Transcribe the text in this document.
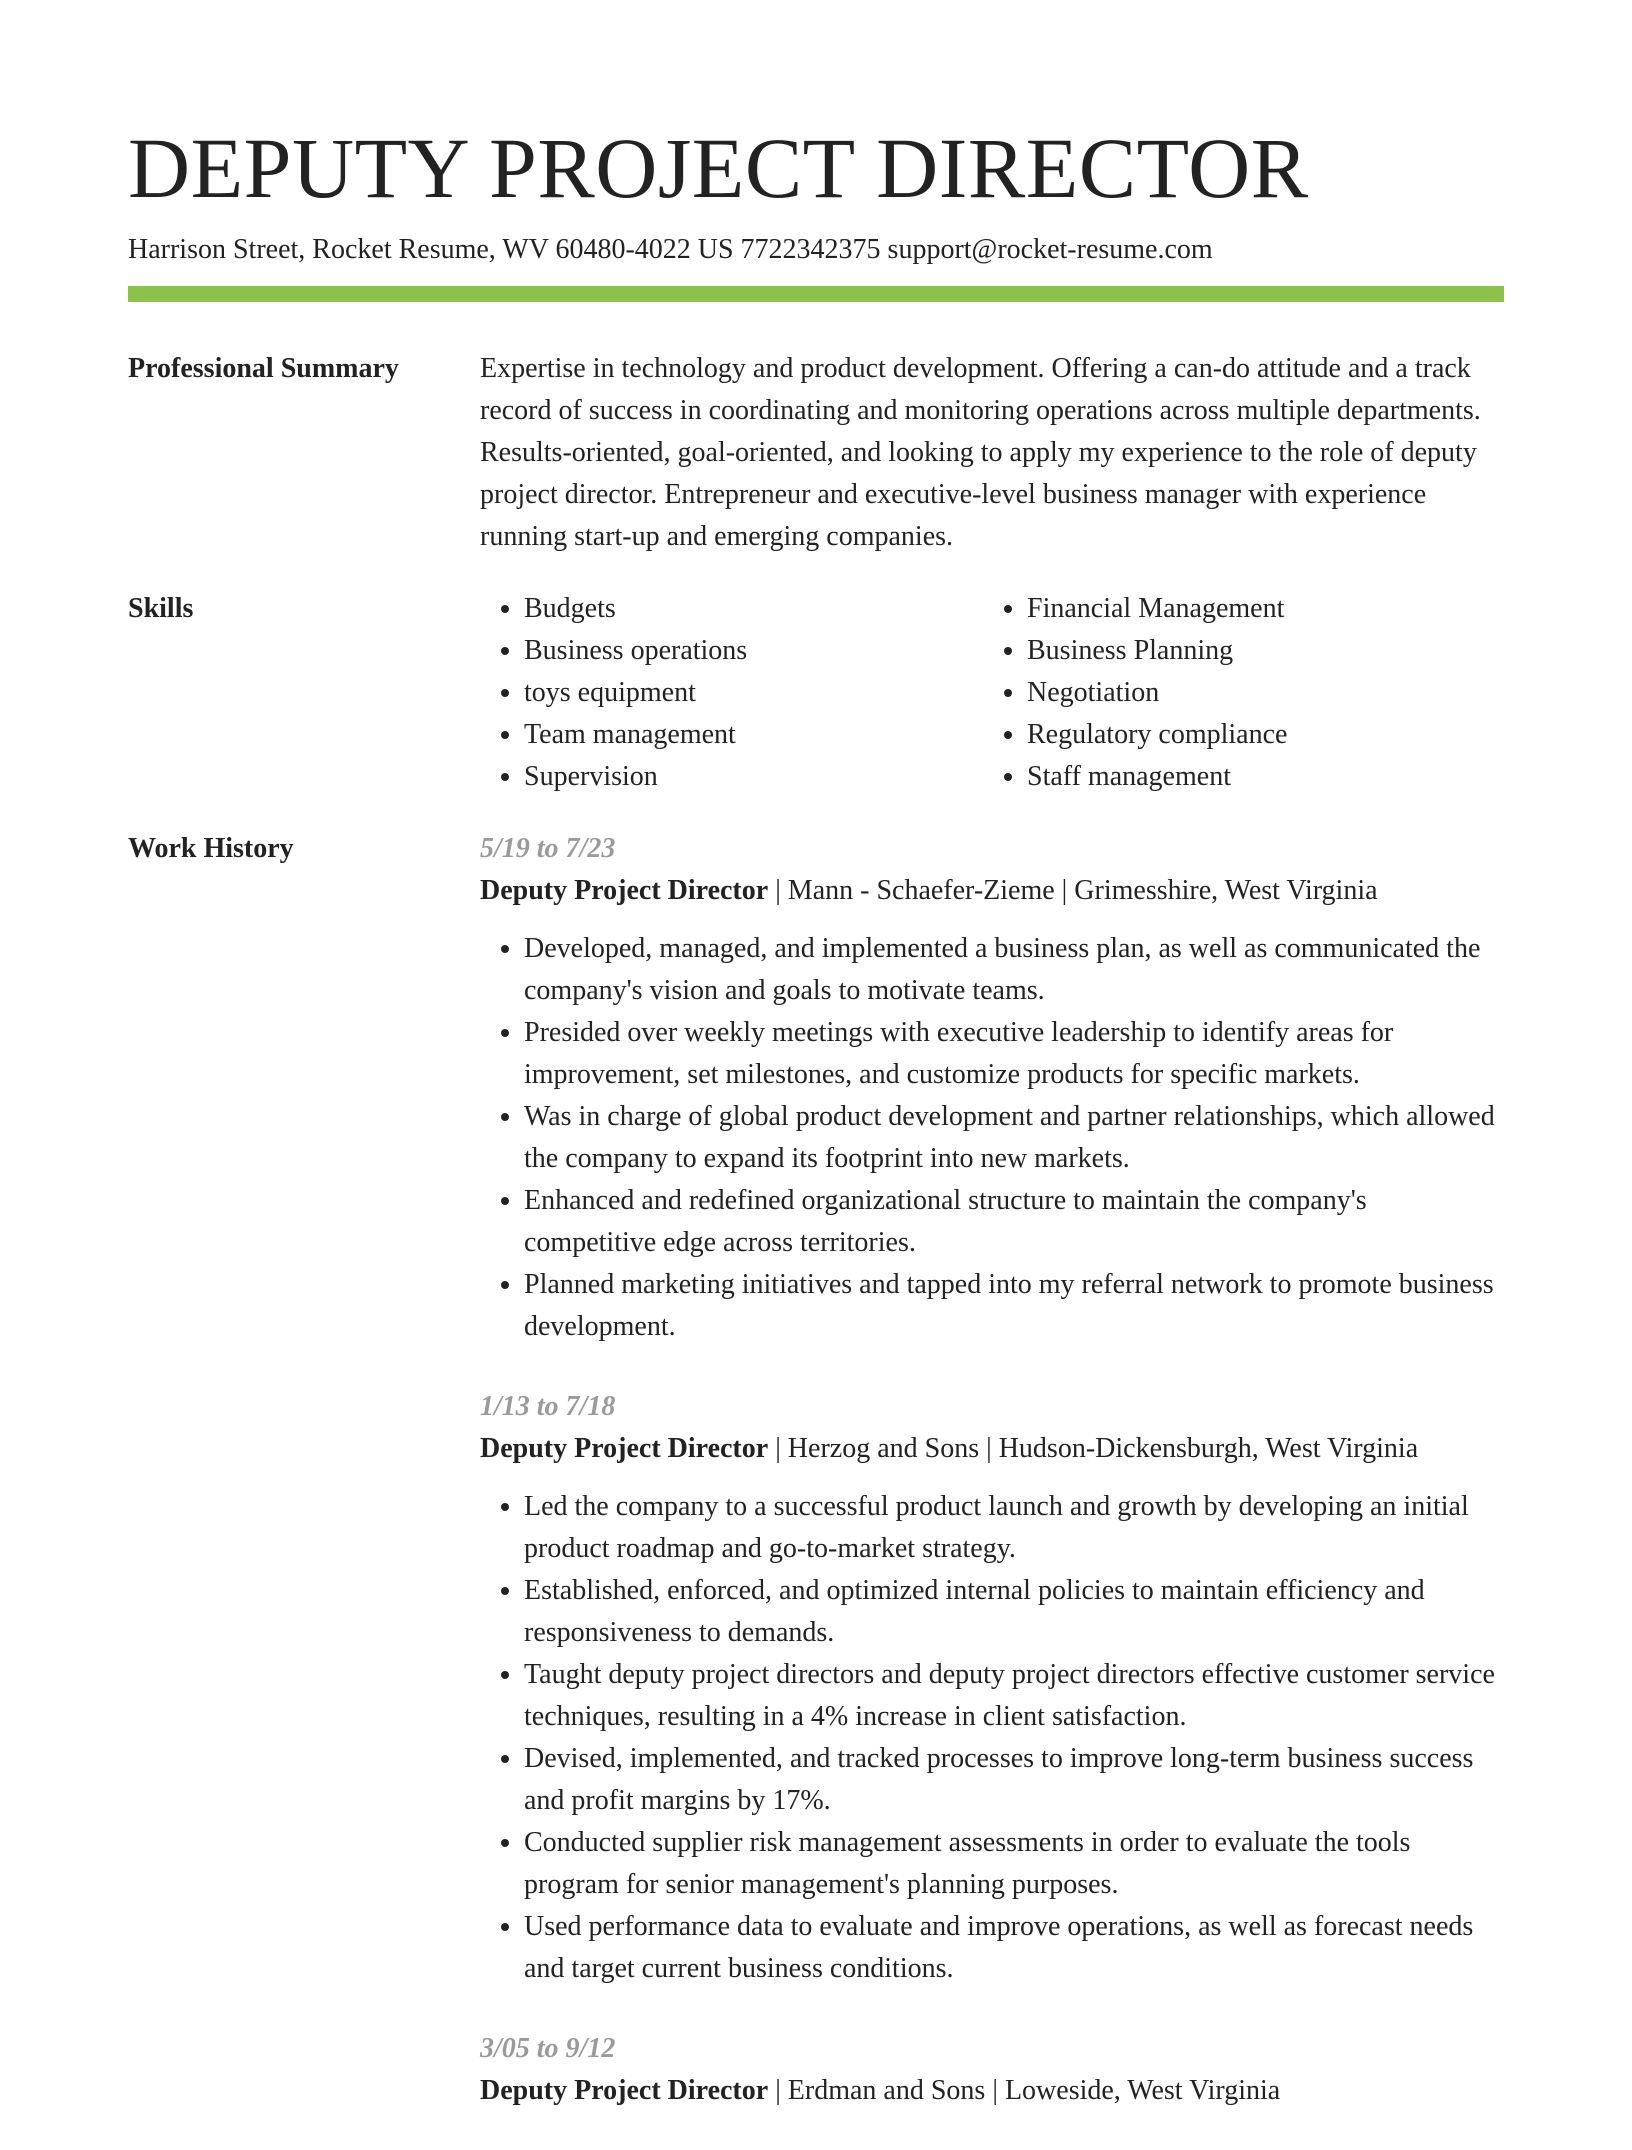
DEPUTY PROJECT DIRECTOR
Harrison Street, Rocket Resume, WV 60480-4022 US 7722342375 support@rocket-resume.com
Professional Summary	Expertise in technology and product development. Offering a can-do attitude and a track record of success in coordinating and monitoring operations across multiple departments. Results-oriented, goal-oriented, and looking to apply my experience to the role of deputy project director. Entrepreneur and executive-level business manager with experience running start-up and emerging companies.

Skills
•	Budgets
• Business operations
• toys equipment
• Team management
• Supervision
• Financial Management
• Business Planning
• Negotiation
• Regulatory compliance
• Staff management
Work History	5/19 to 7/23
Deputy Project Director | Mann - Schaefer-Zieme | Grimesshire, West Virginia
• Developed, managed, and implemented a business plan, as well as communicated the company's vision and goals to motivate teams.
• Presided over weekly meetings with executive leadership to identify areas for improvement, set milestones, and customize products for specific markets.
• Was in charge of global product development and partner relationships, which allowed the company to expand its footprint into new markets.
• Enhanced and redefined organizational structure to maintain the company's competitive edge across territories.
• Planned marketing initiatives and tapped into my referral network to promote business development.
1/13 to 7/18
Deputy Project Director | Herzog and Sons | Hudson-Dickensburgh, West Virginia
• Led the company to a successful product launch and growth by developing an initial product roadmap and go-to-market strategy.
• Established, enforced, and optimized internal policies to maintain efficiency and responsiveness to demands.
• Taught deputy project directors and deputy project directors effective customer service techniques, resulting in a 4% increase in client satisfaction.
• Devised, implemented, and tracked processes to improve long-term business success and profit margins by 17%.
• Conducted supplier risk management assessments in order to evaluate the tools program for senior management's planning purposes.
• Used performance data to evaluate and improve operations, as well as forecast needs and target current business conditions.
3/05 to 9/12
Deputy Project Director | Erdman and Sons | Loweside, West Virginia
